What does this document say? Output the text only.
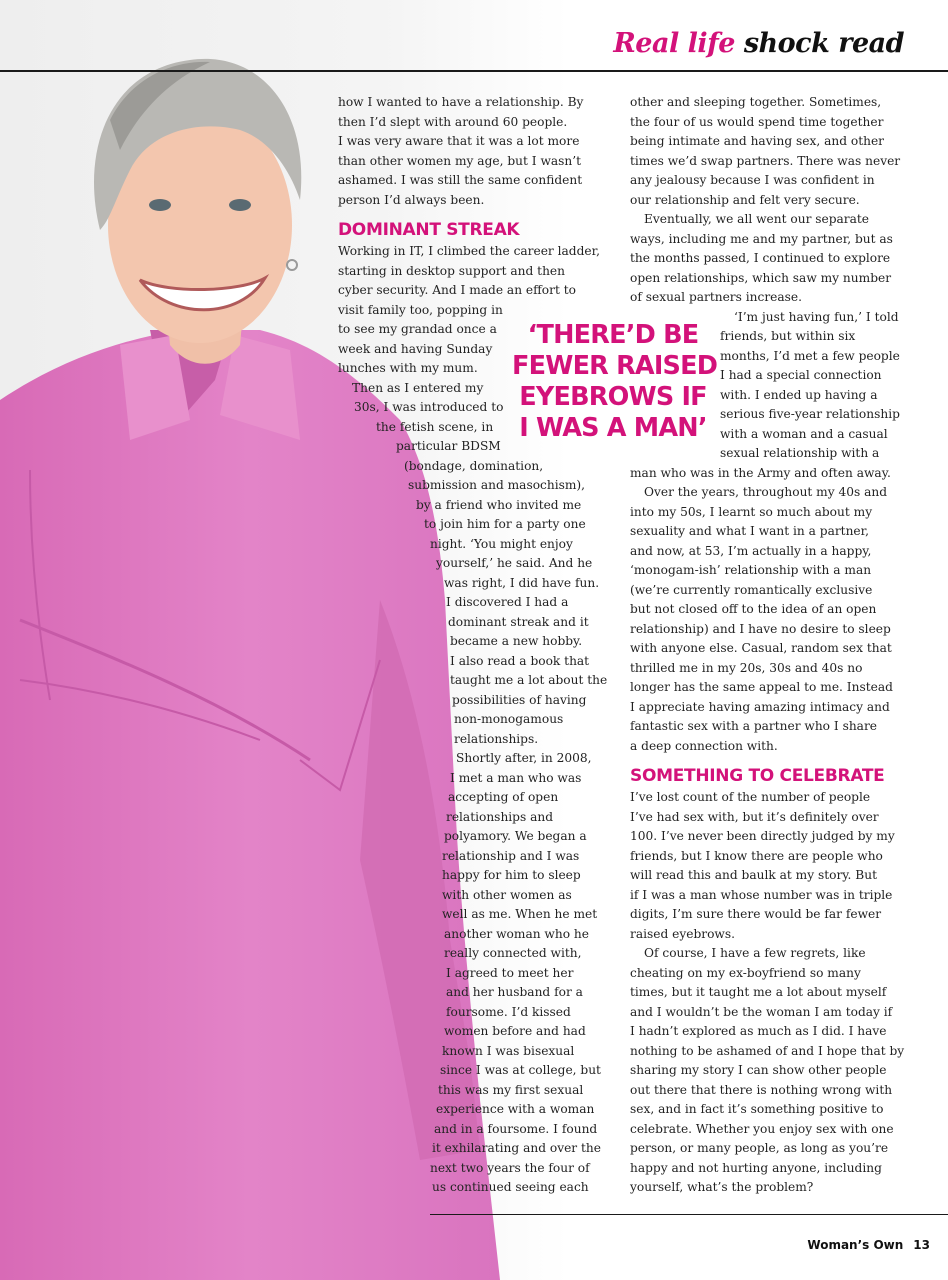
Real life shock read
how I wanted to have a relationship. By
then I’d slept with around 60 people.
I was very aware that it was a lot more
than other women my age, but I wasn’t
ashamed. I was still the same confident
person I’d always been.
DOMINANT STREAK
Working in IT, I climbed the career ladder,
starting in desktop support and then
cyber security. And I made an effort to
visit family too, popping in
to see my grandad once a
week and having Sunday
lunches with my mum.
Then as I entered my
30s, I was introduced to
the fetish scene, in
particular BDSM
(bondage, domination,
submission and masochism),
by a friend who invited me
to join him for a party one
night. ‘You might enjoy
yourself,’ he said. And he
was right, I did have fun.
I discovered I had a
dominant streak and it
became a new hobby.
I also read a book that
taught me a lot about the
possibilities of having
non-monogamous
relationships.
Shortly after, in 2008,
I met a man who was
accepting of open
relationships and
polyamory. We began a
relationship and I was
happy for him to sleep
with other women as
well as me. When he met
another woman who he
really connected with,
I agreed to meet her
and her husband for a
foursome. I’d kissed
women before and had
known I was bisexual
since I was at college, but
this was my first sexual
experience with a woman
and in a foursome. I found
it exhilarating and over the
next two years the four of
us continued seeing each
other and sleeping together. Sometimes,
the four of us would spend time together
being intimate and having sex, and other
times we’d swap partners. There was never
any jealousy because I was confident in
our relationship and felt very secure.
Eventually, we all went our separate
ways, including me and my partner, but as
the months passed, I continued to explore
open relationships, which saw my number
of sexual partners increase.
‘I’m just having fun,’ I told
friends, but within six
months, I’d met a few people
I had a special connection
with. I ended up having a
serious five-year relationship
with a woman and a casual
sexual relationship with a
man who was in the Army and often away.
Over the years, throughout my 40s and
into my 50s, I learnt so much about my
sexuality and what I want in a partner,
and now, at 53, I’m actually in a happy,
‘monogam-ish’ relationship with a man
(we’re currently romantically exclusive
but not closed off to the idea of an open
relationship) and I have no desire to sleep
with anyone else. Casual, random sex that
thrilled me in my 20s, 30s and 40s no
longer has the same appeal to me. Instead
I appreciate having amazing intimacy and
fantastic sex with a partner who I share
a deep connection with.
SOMETHING TO CELEBRATE
I’ve lost count of the number of people
I’ve had sex with, but it’s definitely over
100. I’ve never been directly judged by my
friends, but I know there are people who
will read this and baulk at my story. But
if I was a man whose number was in triple
digits, I’m sure there would be far fewer
raised eyebrows.
Of course, I have a few regrets, like
cheating on my ex-boyfriend so many
times, but it taught me a lot about myself
and I wouldn’t be the woman I am today if
I hadn’t explored as much as I did. I have
nothing to be ashamed of and I hope that by
sharing my story I can show other people
out there that there is nothing wrong with
sex, and in fact it’s something positive to
celebrate. Whether you enjoy sex with one
person, or many people, as long as you’re
happy and not hurting anyone, including
yourself, what’s the problem?
‘THERE’D BE
FEWER RAISED
EYEBROWS IF
I WAS A MAN’
Woman’s Own 13
